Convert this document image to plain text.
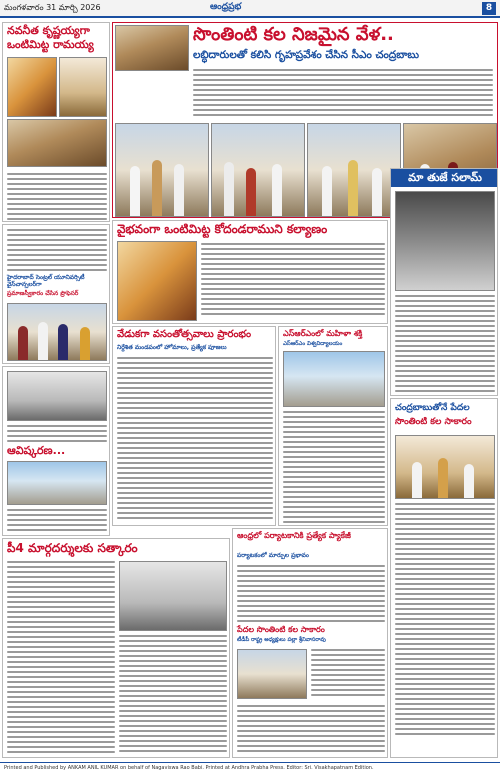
మంగళవారం 31 మార్చి 2026	ఆంధ్రప్రభ	8
నవనీత కృష్ణయ్యగా
ఒంటిమిట్ట రామయ్య
హైదరాబాద్ సెంట్రల్ యూనివర్సిటీ వైస్‌చాన్సలర్‌గా
ప్రమాణస్వీకారం చేసిన ప్రొఫెసర్
ఆవిష్కరణ...
పీ4 మార్గదర్శులకు సత్కారం
సొంతింటి కల నిజమైన వేళ..
లబ్ధిదారులతో కలిసి గృహప్రవేశం చేసిన సీఎం చంద్రబాబు
మా తుజే సలామ్
వైభవంగా ఒంటిమిట్ట కోదండరాముని కల్యాణం
వేడుకగా వసంతోత్సవాలు ప్రారంభం
నిర్దేశిత మండపంలో హోమాలు, ప్రత్యేక పూజలు
ఎస్‌ఆర్‌ఎంలో మహిళా శక్తి
ఎస్‌ఆర్‌ఎం విశ్వవిద్యాలయం
ఆంధ్రలో పర్యాటకానికి ప్రత్యేక ప్యాకేజీ
పర్యాటకంలో మార్పుల ప్రభావం
పేదల సొంతింటి కల సాకారం
టీడీపీ రాష్ట్ర అధ్యక్షులు పల్లా శ్రీనివాసరావు
చంద్రబాబుతోనే పేదల
సొంతింటి కల సాకారం
Printed and Published by ANKAM ANIL KUMAR on behalf of Nagaviswa Rao Babi. Printed at Andhra Prabha Press. Editor: Sri. Visakhapatnam Edition.
